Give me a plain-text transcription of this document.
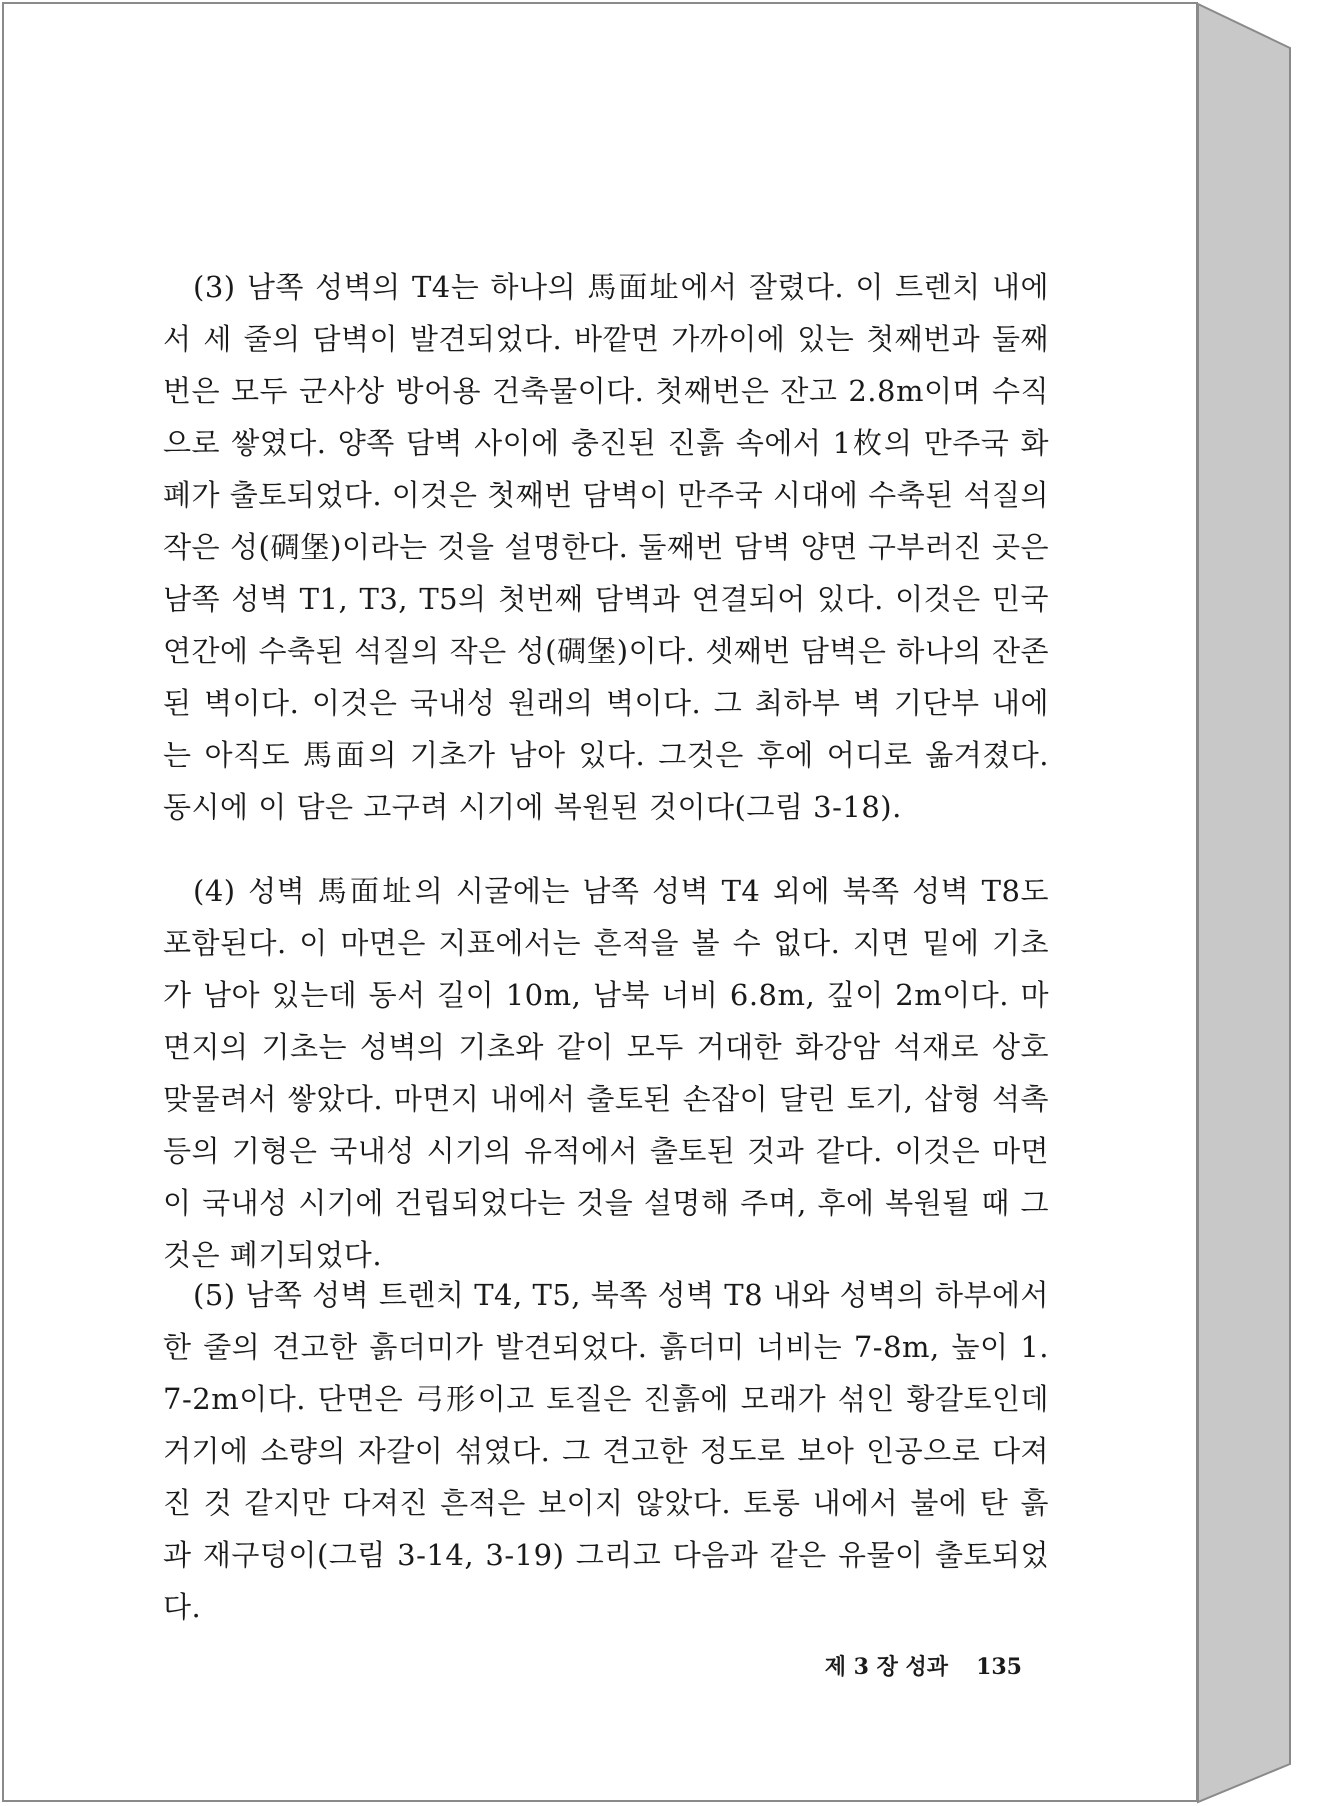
(3) 남쪽 성벽의 T4는 하나의 馬面址에서 잘렸다. 이 트렌치 내에서 세 줄의 담벽이 발견되었다. 바깥면 가까이에 있는 첫째번과 둘째번은 모두 군사상 방어용 건축물이다. 첫째번은 잔고 2.8m이며 수직으로 쌓였다. 양쪽 담벽 사이에 충진된 진흙 속에서 1枚의 만주국 화폐가 출토되었다. 이것은 첫째번 담벽이 만주국 시대에 수축된 석질의 작은 성(碉堡)이라는 것을 설명한다. 둘째번 담벽 양면 구부러진 곳은 남쪽 성벽 T1, T3, T5의 첫번째 담벽과 연결되어 있다. 이것은 민국 연간에 수축된 석질의 작은 성(碉堡)이다. 셋째번 담벽은 하나의 잔존된 벽이다. 이것은 국내성 원래의 벽이다. 그 최하부 벽 기단부 내에는 아직도 馬面의 기초가 남아 있다. 그것은 후에 어디로 옮겨졌다. 동시에 이 담은 고구려 시기에 복원된 것이다(그림 3-18).

(4) 성벽 馬面址의 시굴에는 남쪽 성벽 T4 외에 북쪽 성벽 T8도 포함된다. 이 마면은 지표에서는 흔적을 볼 수 없다. 지면 밑에 기초가 남아 있는데 동서 길이 10m, 남북 너비 6.8m, 깊이 2m이다. 마면지의 기초는 성벽의 기초와 같이 모두 거대한 화강암 석재로 상호 맞물려서 쌓았다. 마면지 내에서 출토된 손잡이 달린 토기, 삽형 석촉 등의 기형은 국내성 시기의 유적에서 출토된 것과 같다. 이것은 마면이 국내성 시기에 건립되었다는 것을 설명해 주며, 후에 복원될 때 그것은 폐기되었다.

(5) 남쪽 성벽 트렌치 T4, T5, 북쪽 성벽 T8 내와 성벽의 하부에서 한 줄의 견고한 흙더미가 발견되었다. 흙더미 너비는 7-8m, 높이 1.7-2m이다. 단면은 弓形이고 토질은 진흙에 모래가 섞인 황갈토인데 거기에 소량의 자갈이 섞였다. 그 견고한 정도로 보아 인공으로 다져진 것 같지만 다져진 흔적은 보이지 않았다. 토롱 내에서 불에 탄 흙과 재구덩이(그림 3-14, 3-19) 그리고 다음과 같은 유물이 출토되었다.

제 3 장 성과 135
